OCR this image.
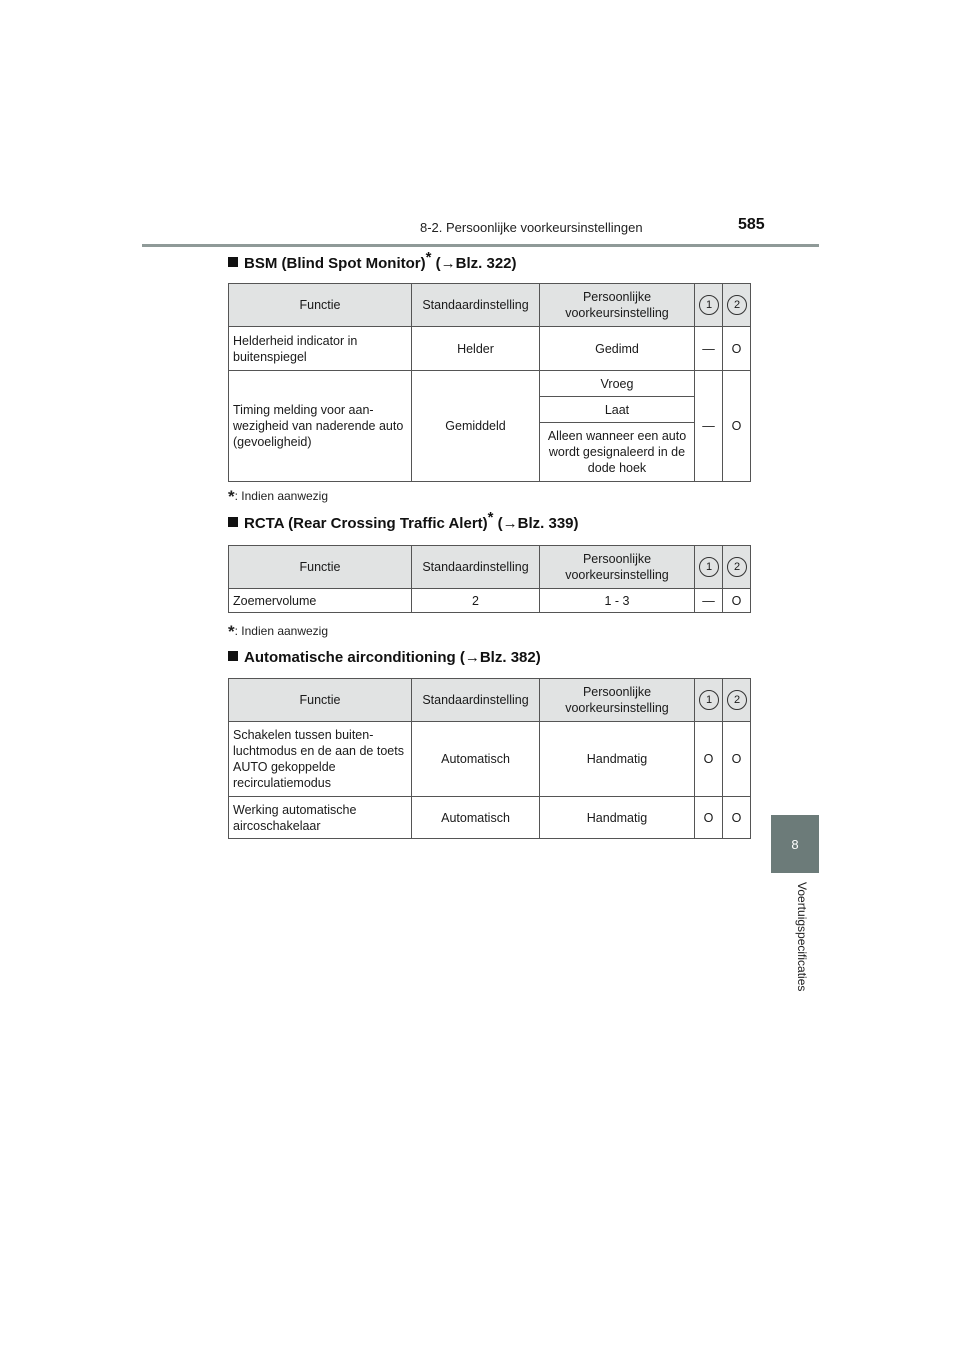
8-2. Persoonlijke voorkeursinstellingen	585
8
Voertuigspecificaties
BSM (Blind Spot Monitor)* (→Blz. 322)
Functie	Standaardinstelling	Persoonlijke voorkeursinstelling	1	2
Helderheid indicator in buitenspiegel	Helder	Gedimd	—	O
Timing melding voor aan-wezigheid van naderende auto (gevoeligheid)	Gemiddeld	Vroeg	—	O
		Laat		
		Alleen wanneer een auto wordt gesignaleerd in de dode hoek		
*: Indien aanwezig
RCTA (Rear Crossing Traffic Alert)* (→Blz. 339)
Functie	Standaardinstelling	Persoonlijke voorkeursinstelling	1	2
Zoemervolume	2	1 - 3	—	O
*: Indien aanwezig
Automatische airconditioning (→Blz. 382)
Functie	Standaardinstelling	Persoonlijke voorkeursinstelling	1	2
Schakelen tussen buiten-luchtmodus en de aan de toets AUTO gekoppelde recirculatiemodus	Automatisch	Handmatig	O	O
Werking automatische aircoschakelaar	Automatisch	Handmatig	O	O
